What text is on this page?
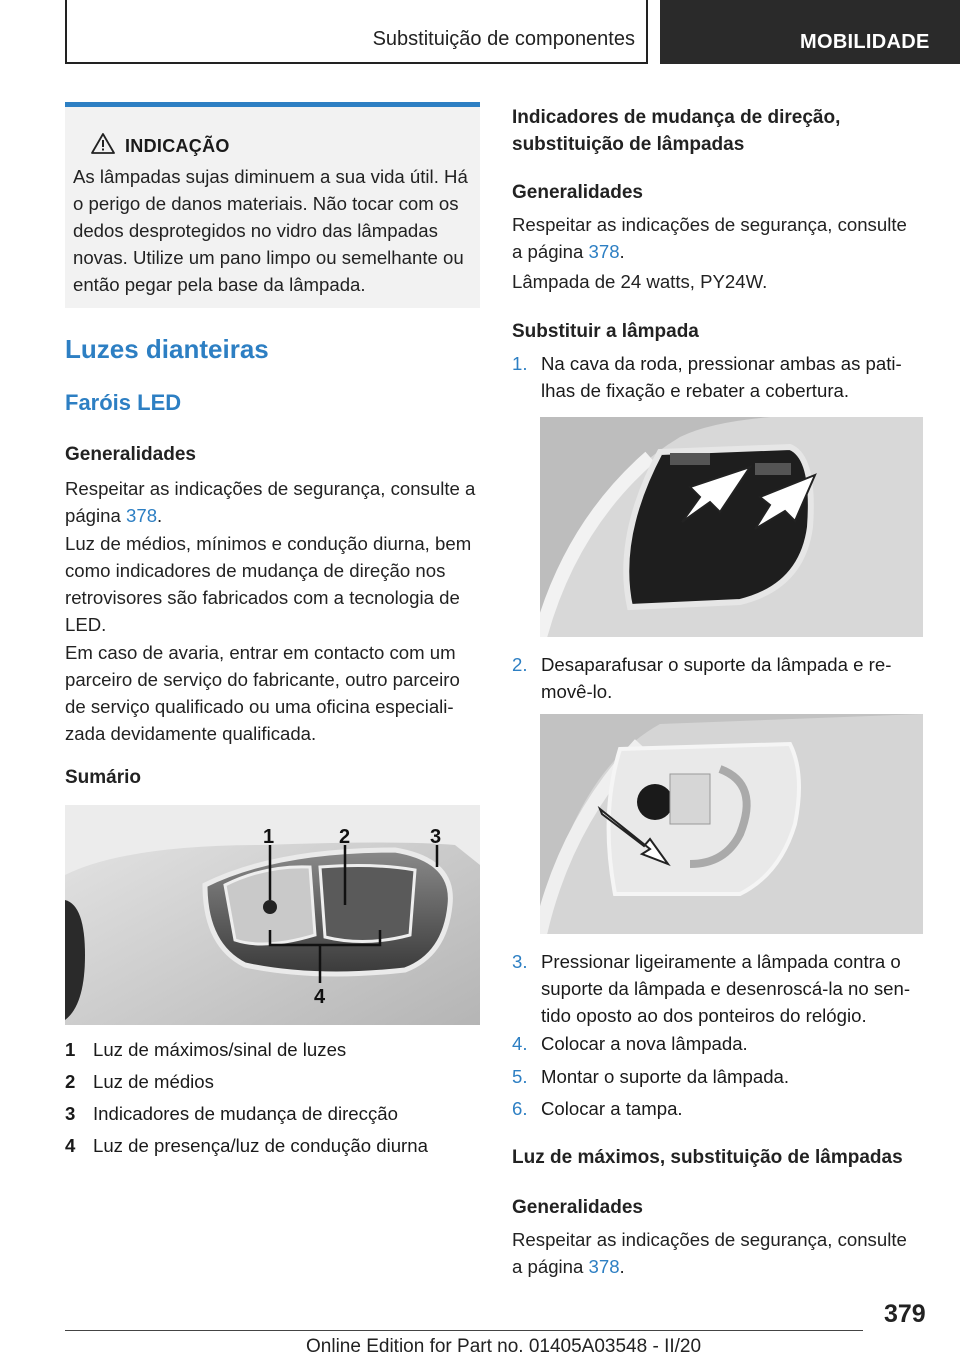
Substituição de componentes	MOBILIDADE
INDICAÇÃO

As lâmpadas sujas diminuem a sua vida útil. Há o perigo de danos materiais. Não tocar com os dedos desprotegidos no vidro das lâmpadas novas. Utilize um pano limpo ou semelhante ou então pegar pela base da lâmpada.

Luzes dianteiras
Faróis LED
Generalidades

Respeitar as indicações de segurança, consulte a página 378.

Luz de médios, mínimos e condução diurna, bem como indicadores de mudança de direção nos retrovisores são fabricados com a tecnologia de LED.

Em caso de avaria, entrar em contacto com um parceiro de serviço do fabricante, outro parceiro de serviço qualificado ou uma oficina especiali-zada devidamente qualificada.

Sumário
1	2	3
4
1 Luz de máximos/sinal de luzes
2 Luz de médios
3 Indicadores de mudança de direcção
4 Luz de presença/luz de condução diurna
Indicadores de mudança de direção, substituição de lâmpadas
Generalidades

Respeitar as indicações de segurança, consulte a página 378.

Lâmpada de 24 watts, PY24W.

Substituir a lâmpada
1. Na cava da roda, pressionar ambas as pati-lhas de fixação e rebater a cobertura.
2. Desaparafusar o suporte da lâmpada e re-movê-lo.
3. Pressionar ligeiramente a lâmpada contra o suporte da lâmpada e desenroscá-la no sen-tido oposto ao dos ponteiros do relógio.
4. Colocar a nova lâmpada.
5. Montar o suporte da lâmpada.
6. Colocar a tampa.
Luz de máximos, substituição de lâmpadas
Generalidades

Respeitar as indicações de segurança, consulte a página 378.

379
Online Edition for Part no. 01405A03548 - II/20
